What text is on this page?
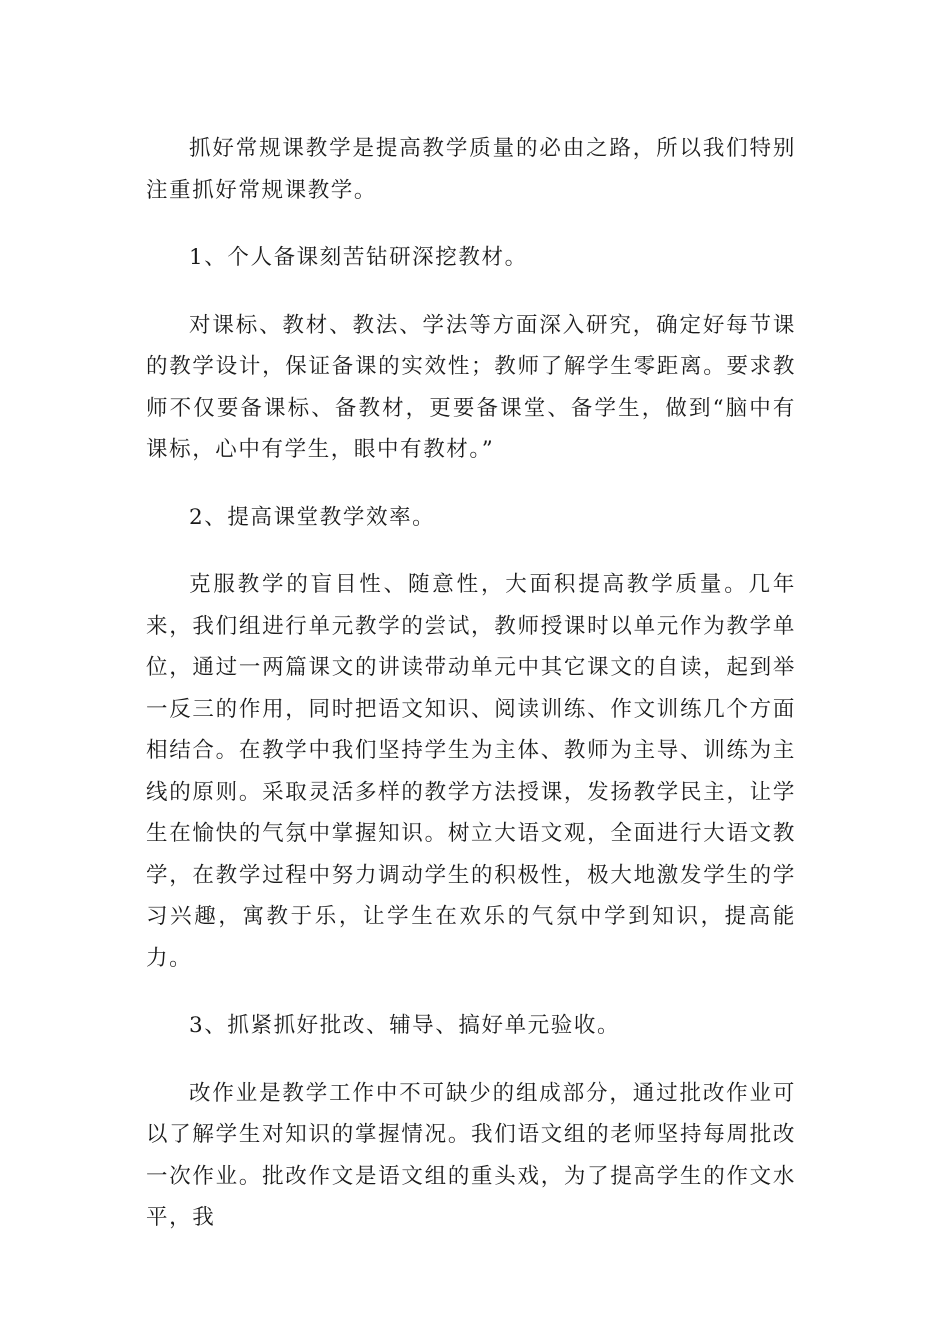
抓好常规课教学是提高教学质量的必由之路，所以我们特别注重抓好常规课教学。

1、个人备课刻苦钻研深挖教材。

对课标、教材、教法、学法等方面深入研究，确定好每节课的教学设计，保证备课的实效性；教师了解学生零距离。要求教师不仅要备课标、备教材，更要备课堂、备学生，做到“脑中有课标，心中有学生，眼中有教材。”

2、提高课堂教学效率。

克服教学的盲目性、随意性，大面积提高教学质量。几年来，我们组进行单元教学的尝试，教师授课时以单元作为教学单位，通过一两篇课文的讲读带动单元中其它课文的自读，起到举一反三的作用，同时把语文知识、阅读训练、作文训练几个方面相结合。在教学中我们坚持学生为主体、教师为主导、训练为主线的原则。采取灵活多样的教学方法授课，发扬教学民主，让学生在愉快的气氛中掌握知识。树立大语文观，全面进行大语文教学，在教学过程中努力调动学生的积极性，极大地激发学生的学习兴趣，寓教于乐，让学生在欢乐的气氛中学到知识，提高能力。

3、抓紧抓好批改、辅导、搞好单元验收。

改作业是教学工作中不可缺少的组成部分，通过批改作业可以了解学生对知识的掌握情况。我们语文组的老师坚持每周批改一次作业。批改作文是语文组的重头戏，为了提高学生的作文水平，我
